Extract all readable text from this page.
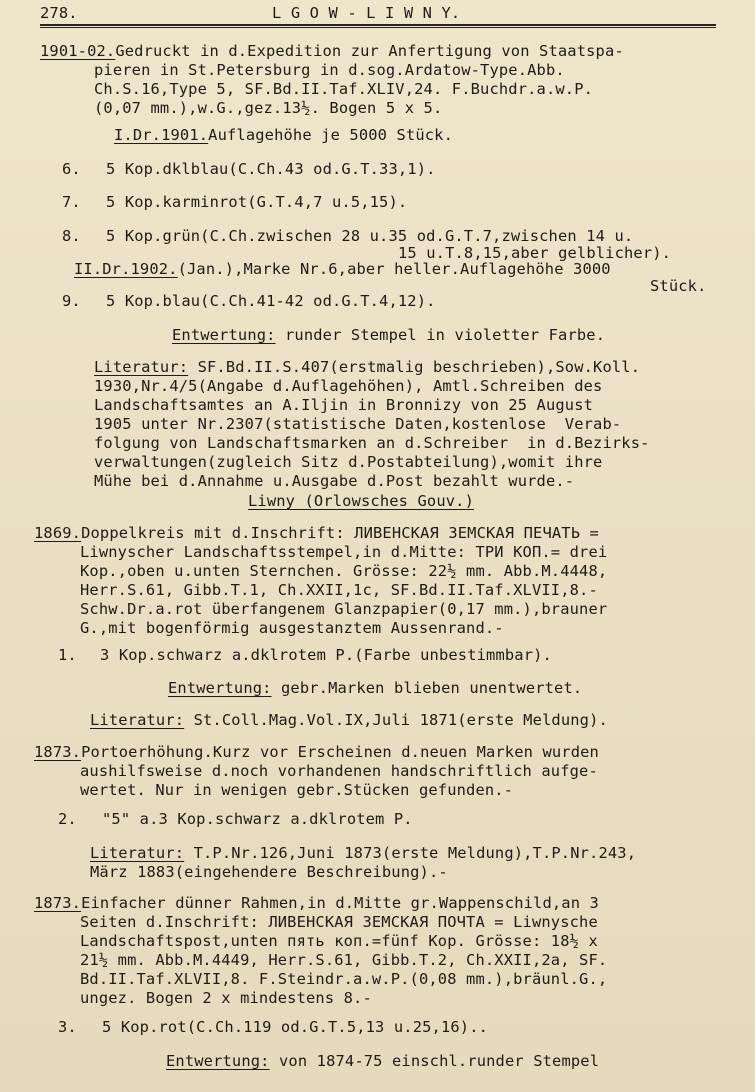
278.	L G O W - L I W N Y.
1901-02.Gedruckt in d.Expedition zur Anfertigung von Staatspa-
pieren in St.Petersburg in d.sog.Ardatow-Type.Abb.
Ch.S.16,Type 5, SF.Bd.II.Taf.XLIV,24. F.Buchdr.a.w.P.
(0,07 mm.),w.G.,gez.13½. Bogen 5 x 5.
I.Dr.1901.Auflagehöhe je 5000 Stück.
6. 5 Kop.dklblau(C.Ch.43 od.G.T.33,1).
7. 5 Kop.karminrot(G.T.4,7 u.5,15).
8. 5 Kop.grün(C.Ch.zwischen 28 u.35 od.G.T.7,zwischen 14 u.
15 u.T.8,15,aber gelblicher).
II.Dr.1902.(Jan.),Marke Nr.6,aber heller.Auflagehöhe 3000
Stück.
9. 5 Kop.blau(C.Ch.41-42 od.G.T.4,12).
Entwertung: runder Stempel in violetter Farbe.
Literatur: SF.Bd.II.S.407(erstmalig beschrieben),Sow.Koll.
1930,Nr.4/5(Angabe d.Auflagehöhen), Amtl.Schreiben des
Landschaftsamtes an A.Iljin in Bronnizy von 25 August
1905 unter Nr.2307(statistische Daten,kostenlose  Verab-
folgung von Landschaftsmarken an d.Schreiber  in d.Bezirks-
verwaltungen(zugleich Sitz d.Postabteilung),womit ihre
Mühe bei d.Annahme u.Ausgabe d.Post bezahlt wurde.-
Liwny (Orlowsches Gouv.)
1869.Doppelkreis mit d.Inschrift: ЛИВЕНСКАЯ ЗЕМСКАЯ ПЕЧАТЬ =
Liwnyscher Landschaftsstempel,in d.Mitte: ТРИ КОП.= drei
Kop.,oben u.unten Sternchen. Grösse: 22½ mm. Abb.M.4448,
Herr.S.61, Gibb.T.1, Ch.XXII,1c, SF.Bd.II.Taf.XLVII,8.-
Schw.Dr.a.rot überfangenem Glanzpapier(0,17 mm.),brauner
G.,mit bogenförmig ausgestanztem Aussenrand.-
1. 3 Kop.schwarz a.dklrotem P.(Farbe unbestimmbar).
Entwertung: gebr.Marken blieben unentwertet.
Literatur: St.Coll.Mag.Vol.IX,Juli 1871(erste Meldung).
1873.Portoerhöhung.Kurz vor Erscheinen d.neuen Marken wurden
aushilfsweise d.noch vorhandenen handschriftlich aufge-
wertet. Nur in wenigen gebr.Stücken gefunden.-
2. "5" a.3 Kop.schwarz a.dklrotem P.
Literatur: T.P.Nr.126,Juni 1873(erste Meldung),T.P.Nr.243,
März 1883(eingehendere Beschreibung).-
1873.Einfacher dünner Rahmen,in d.Mitte gr.Wappenschild,an 3
Seiten d.Inschrift: ЛИВЕНСКАЯ ЗЕМСКАЯ ПОЧТА = Liwnysche
Landschaftspost,unten пять коп.=fünf Kop. Grösse: 18½ x
21½ mm. Abb.M.4449, Herr.S.61, Gibb.T.2, Ch.XXII,2a, SF.
Bd.II.Taf.XLVII,8. F.Steindr.a.w.P.(0,08 mm.),bräunl.G.,
ungez. Bogen 2 x mindestens 8.-
3. 5 Kop.rot(C.Ch.119 od.G.T.5,13 u.25,16)..
Entwertung: von 1874-75 einschl.runder Stempel
